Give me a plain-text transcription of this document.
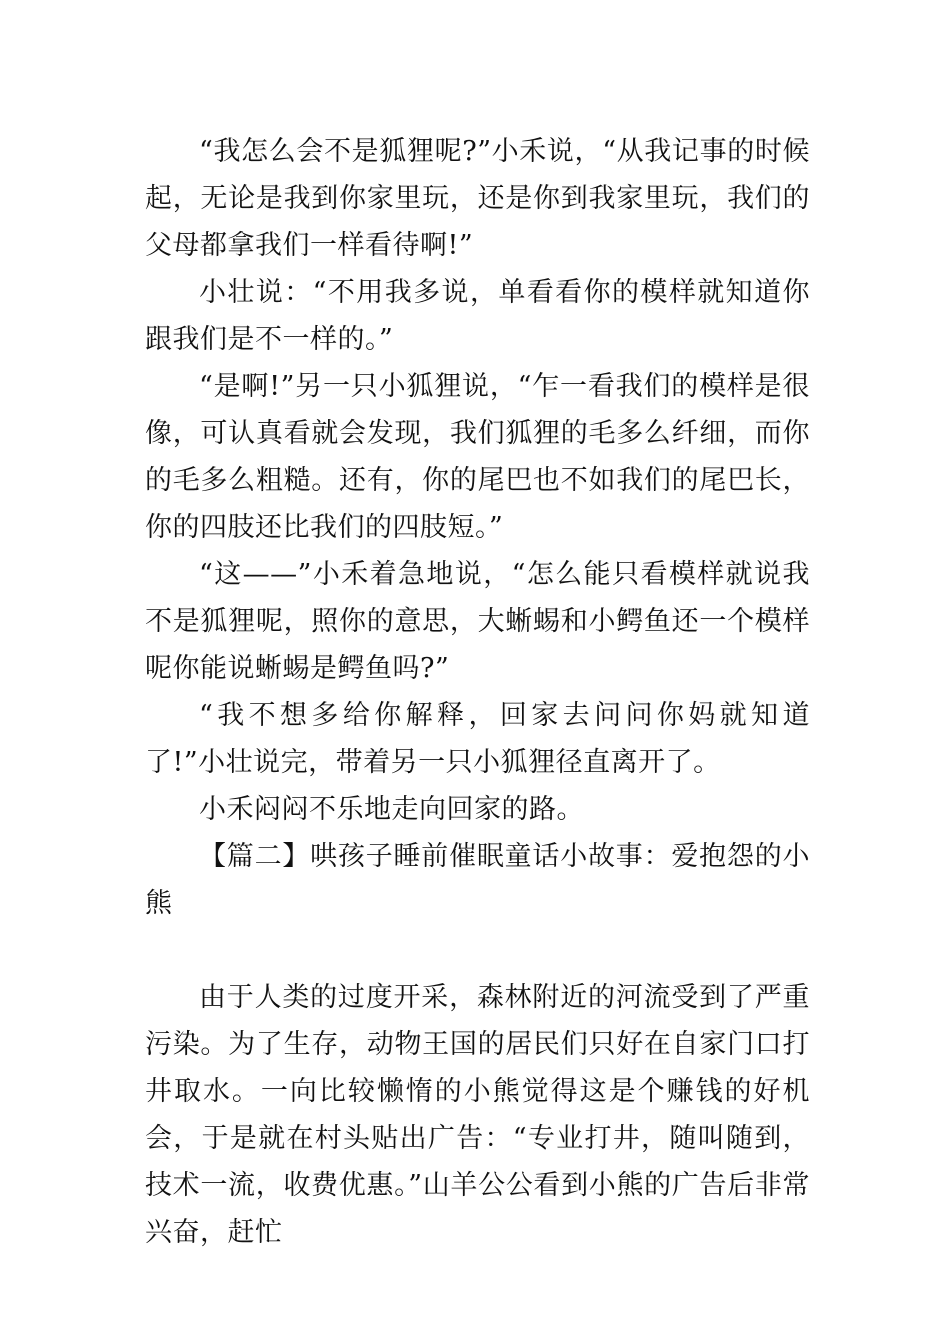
“我怎么会不是狐狸呢?”小禾说，“从我记事的时候起，无论是我到你家里玩，还是你到我家里玩，我们的父母都拿我们一样看待啊!”

小壮说：“不用我多说，单看看你的模样就知道你跟我们是不一样的。”

“是啊!”另一只小狐狸说，“乍一看我们的模样是很像，可认真看就会发现，我们狐狸的毛多么纤细，而你的毛多么粗糙。还有，你的尾巴也不如我们的尾巴长，你的四肢还比我们的四肢短。”

“这——”小禾着急地说，“怎么能只看模样就说我不是狐狸呢，照你的意思，大蜥蜴和小鳄鱼还一个模样呢你能说蜥蜴是鳄鱼吗?”

“我不想多给你解释，回家去问问你妈就知道了!”小壮说完，带着另一只小狐狸径直离开了。

小禾闷闷不乐地走向回家的路。

【篇二】哄孩子睡前催眠童话小故事：爱抱怨的小熊

由于人类的过度开采，森林附近的河流受到了严重污染。为了生存，动物王国的居民们只好在自家门口打井取水。一向比较懒惰的小熊觉得这是个赚钱的好机会，于是就在村头贴出广告：“专业打井，随叫随到，技术一流，收费优惠。”山羊公公看到小熊的广告后非常兴奋，赶忙
